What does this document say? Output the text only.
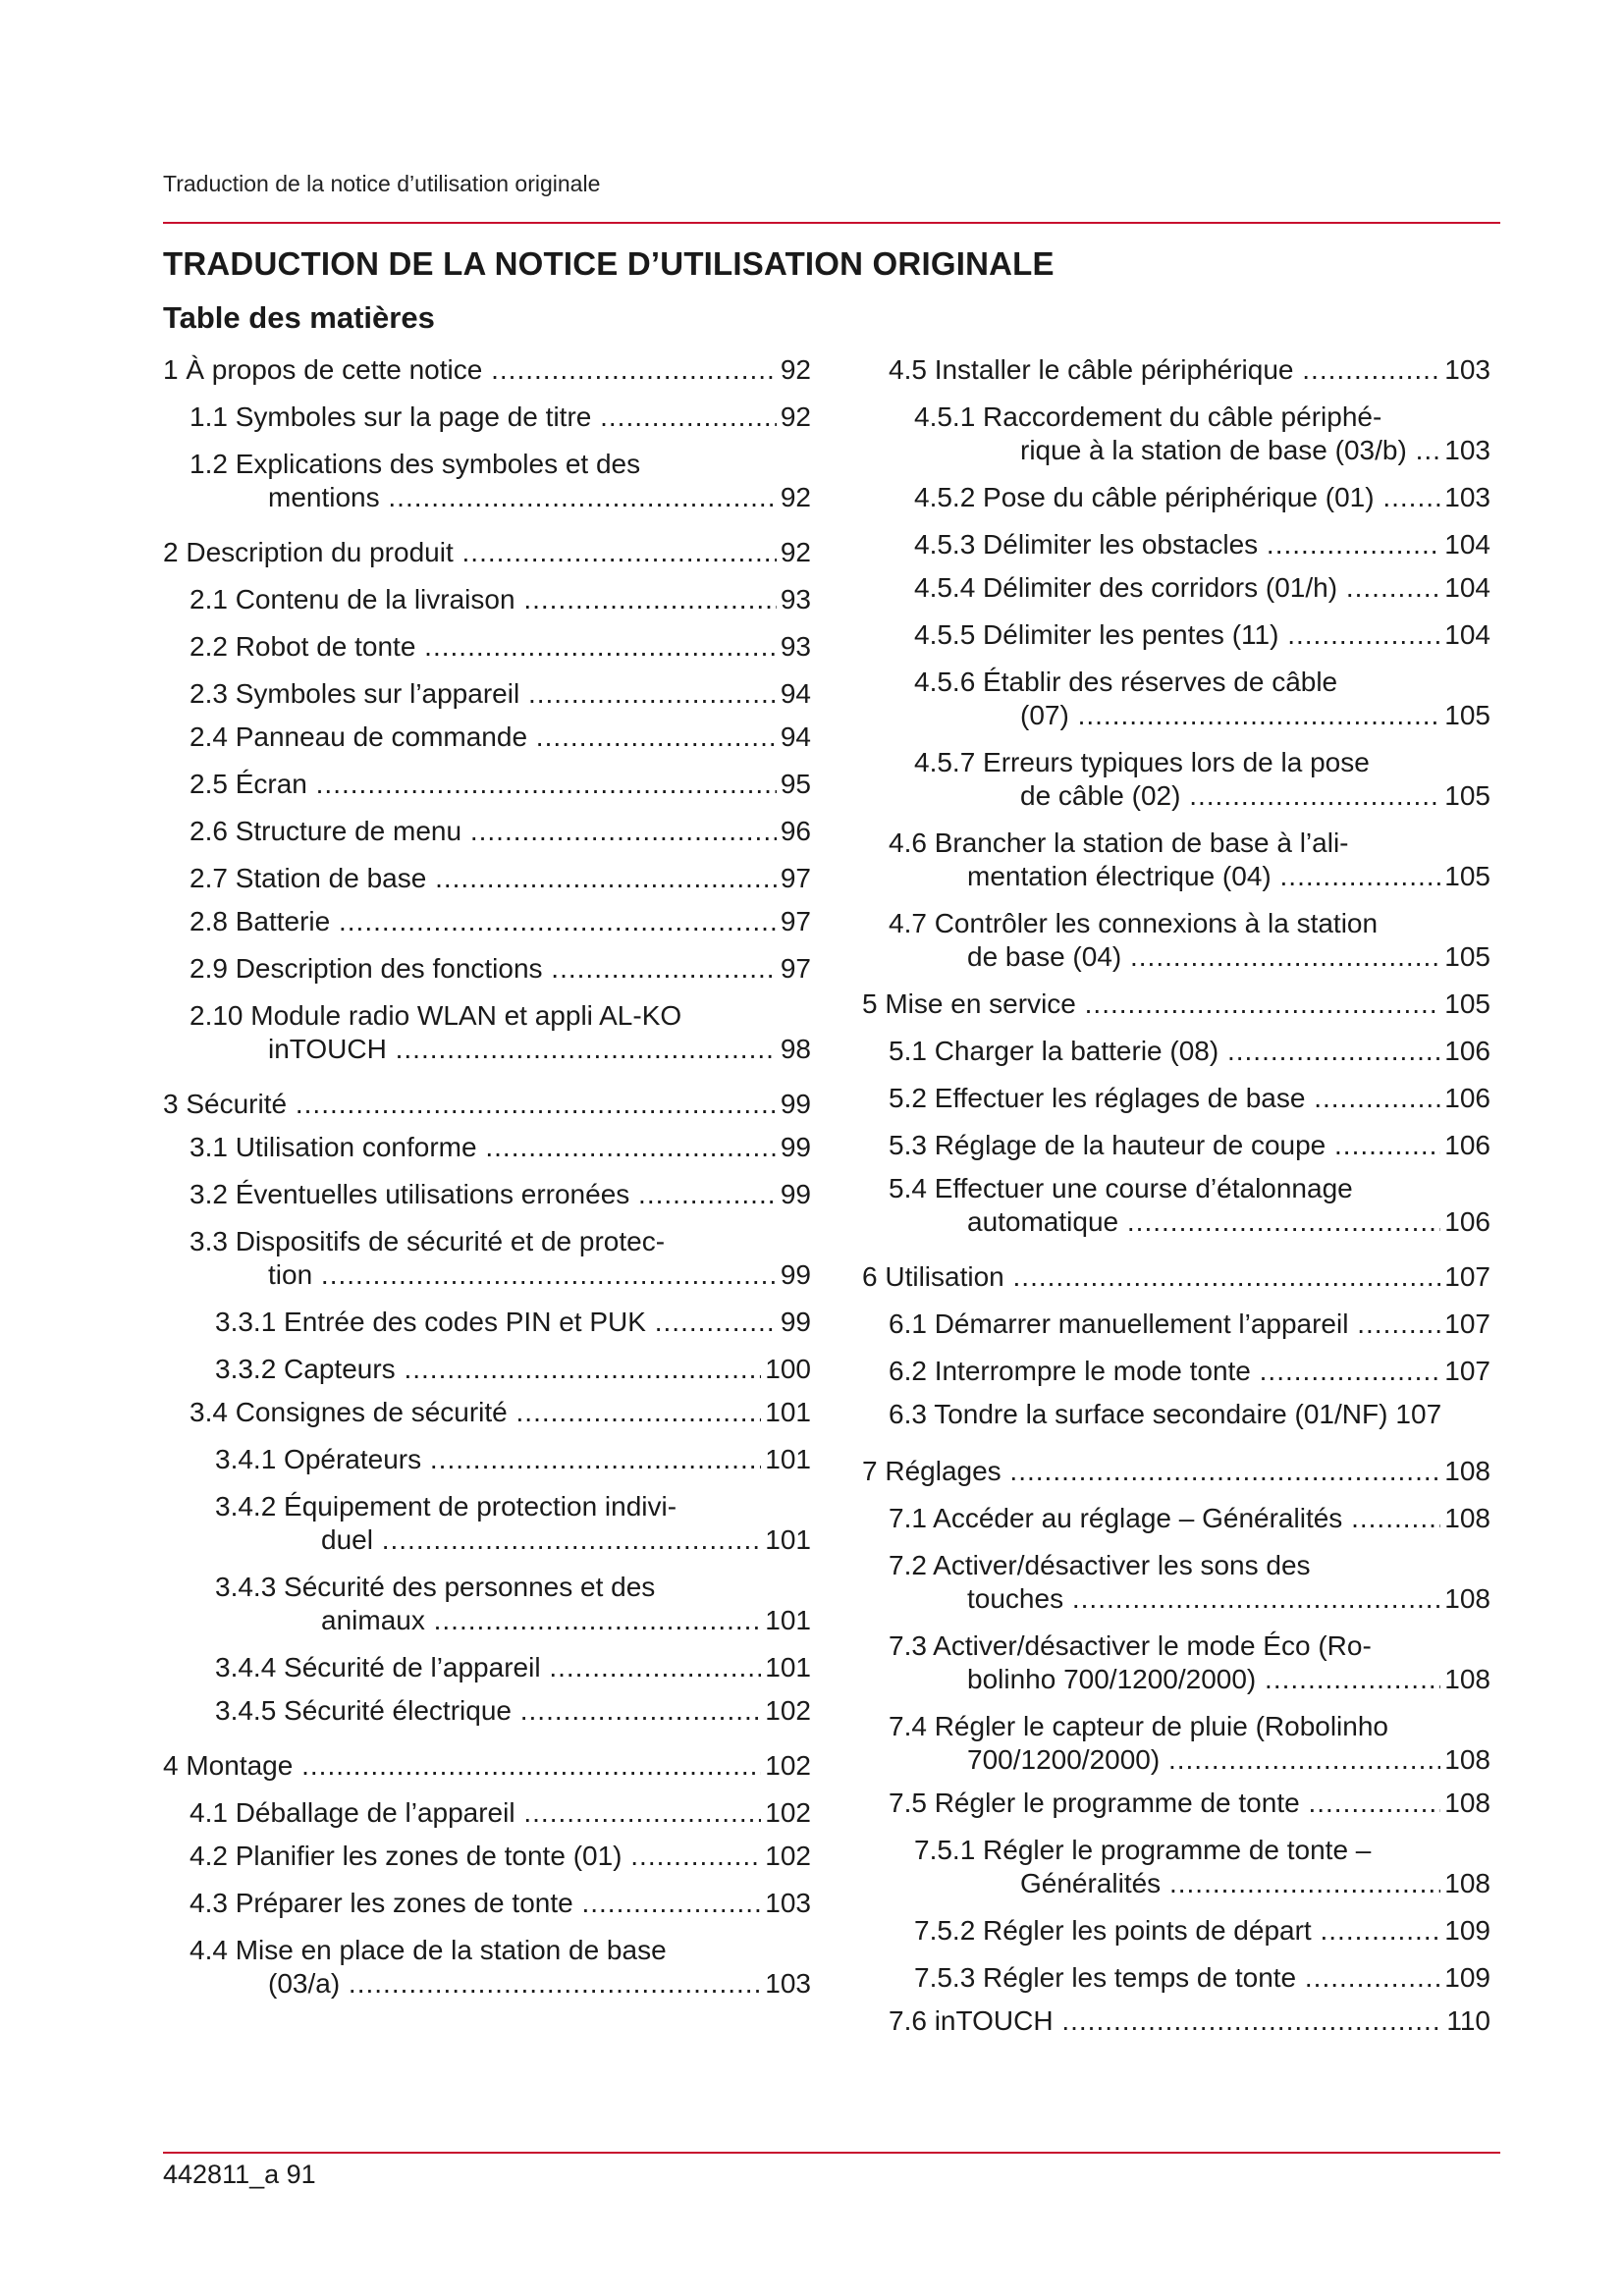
Traduction de la notice d’utilisation originale
TRADUCTION DE LA NOTICE D’UTILISATION ORIGINALE
Table des matières
1 À propos de cette notice .....	92
1.1 Symboles sur la page de titre .....	92
1.2 Explications des symboles et des
mentions .....	92
2 Description du produit .....	92
2.1 Contenu de la livraison .....	93
2.2 Robot de tonte .....	93
2.3 Symboles sur l’appareil .....	94
2.4 Panneau de commande .....	94
2.5 Écran .....	95
2.6 Structure de menu .....	96
2.7 Station de base .....	97
2.8 Batterie .....	97
2.9 Description des fonctions .....	97
2.10 Module radio WLAN et appli AL-KO
inTOUCH .....	98
3 Sécurité .....	99
3.1 Utilisation conforme .....	99
3.2 Éventuelles utilisations erronées .....	99
3.3 Dispositifs de sécurité et de protec-
tion .....	99
3.3.1 Entrée des codes PIN et PUK .....	99
3.3.2 Capteurs .....	100
3.4 Consignes de sécurité .....	101
3.4.1 Opérateurs .....	101
3.4.2 Équipement de protection indivi-
duel .....	101
3.4.3 Sécurité des personnes et des
animaux .....	101
3.4.4 Sécurité de l’appareil .....	101
3.4.5 Sécurité électrique .....	102
4 Montage .....	102
4.1 Déballage de l’appareil .....	102
4.2 Planifier les zones de tonte (01) .....	102
4.3 Préparer les zones de tonte .....	103
4.4 Mise en place de la station de base
(03/a) .....	103
4.5 Installer le câble périphérique .....	103
4.5.1 Raccordement du câble périphé-
rique à la station de base (03/b) .....	103
4.5.2 Pose du câble périphérique (01) .....	103
4.5.3 Délimiter les obstacles .....	104
4.5.4 Délimiter des corridors (01/h) .....	104
4.5.5 Délimiter les pentes (11) .....	104
4.5.6 Établir des réserves de câble
(07) .....	105
4.5.7 Erreurs typiques lors de la pose
de câble (02) .....	105
4.6 Brancher la station de base à l’ali-
mentation électrique (04) .....	105
4.7 Contrôler les connexions à la station
de base (04) .....	105
5 Mise en service .....	105
5.1 Charger la batterie (08) .....	106
5.2 Effectuer les réglages de base .....	106
5.3 Réglage de la hauteur de coupe .....	106
5.4 Effectuer une course d’étalonnage
automatique .....	106
6 Utilisation .....	107
6.1 Démarrer manuellement l’appareil .....	107
6.2 Interrompre le mode tonte .....	107
6.3 Tondre la surface secondaire (01/NF) 107
7 Réglages .....	108
7.1 Accéder au réglage – Généralités .....	108
7.2 Activer/désactiver les sons des
touches .....	108
7.3 Activer/désactiver le mode Éco (Ro-
bolinho 700/1200/2000) .....	108
7.4 Régler le capteur de pluie (Robolinho
700/1200/2000) .....	108
7.5 Régler le programme de tonte .....	108
7.5.1 Régler le programme de tonte –
Généralités .....	108
7.5.2 Régler les points de départ .....	109
7.5.3 Régler les temps de tonte .....	109
7.6 inTOUCH .....	110
442811_a 91
